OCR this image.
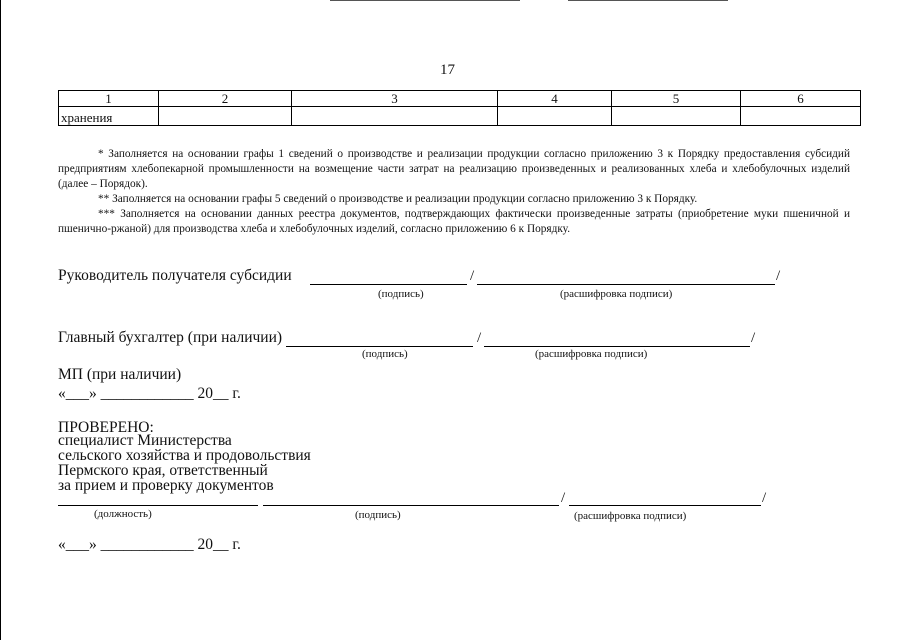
17
1	2	3	4	5	6
хранения					

* Заполняется на основании графы 1 сведений о производстве и реализации продукции согласно приложению 3 к Порядку предоставления субсидий предприятиям хлебопекарной промышленности на возмещение части затрат на реализацию произведенных и реализованных хлеба и хлебобулочных изделий (далее – Порядок).

** Заполняется на основании графы 5 сведений о производстве и реализации продукции согласно приложению 3 к Порядку.

*** Заполняется на основании данных реестра документов, подтверждающих фактически произведенные затраты (приобретение муки пшеничной и пшенично-ржаной) для производства хлеба и хлебобулочных изделий, согласно приложению 6 к Порядку.

Руководитель получателя субсидии	/	/
(подпись)	(расшифровка подписи)
Главный бухгалтер (при наличии)	/	/
(подпись)	(расшифровка подписи)
МП (при наличии)
«___» ____________ 20__ г.
ПРОВЕРЕНО:
специалист Министерства
сельского хозяйства и продовольствия
Пермского края, ответственный
за прием и проверку документов
/	/
(должность)	(подпись)	(расшифровка подписи)
«___» ____________ 20__ г.
